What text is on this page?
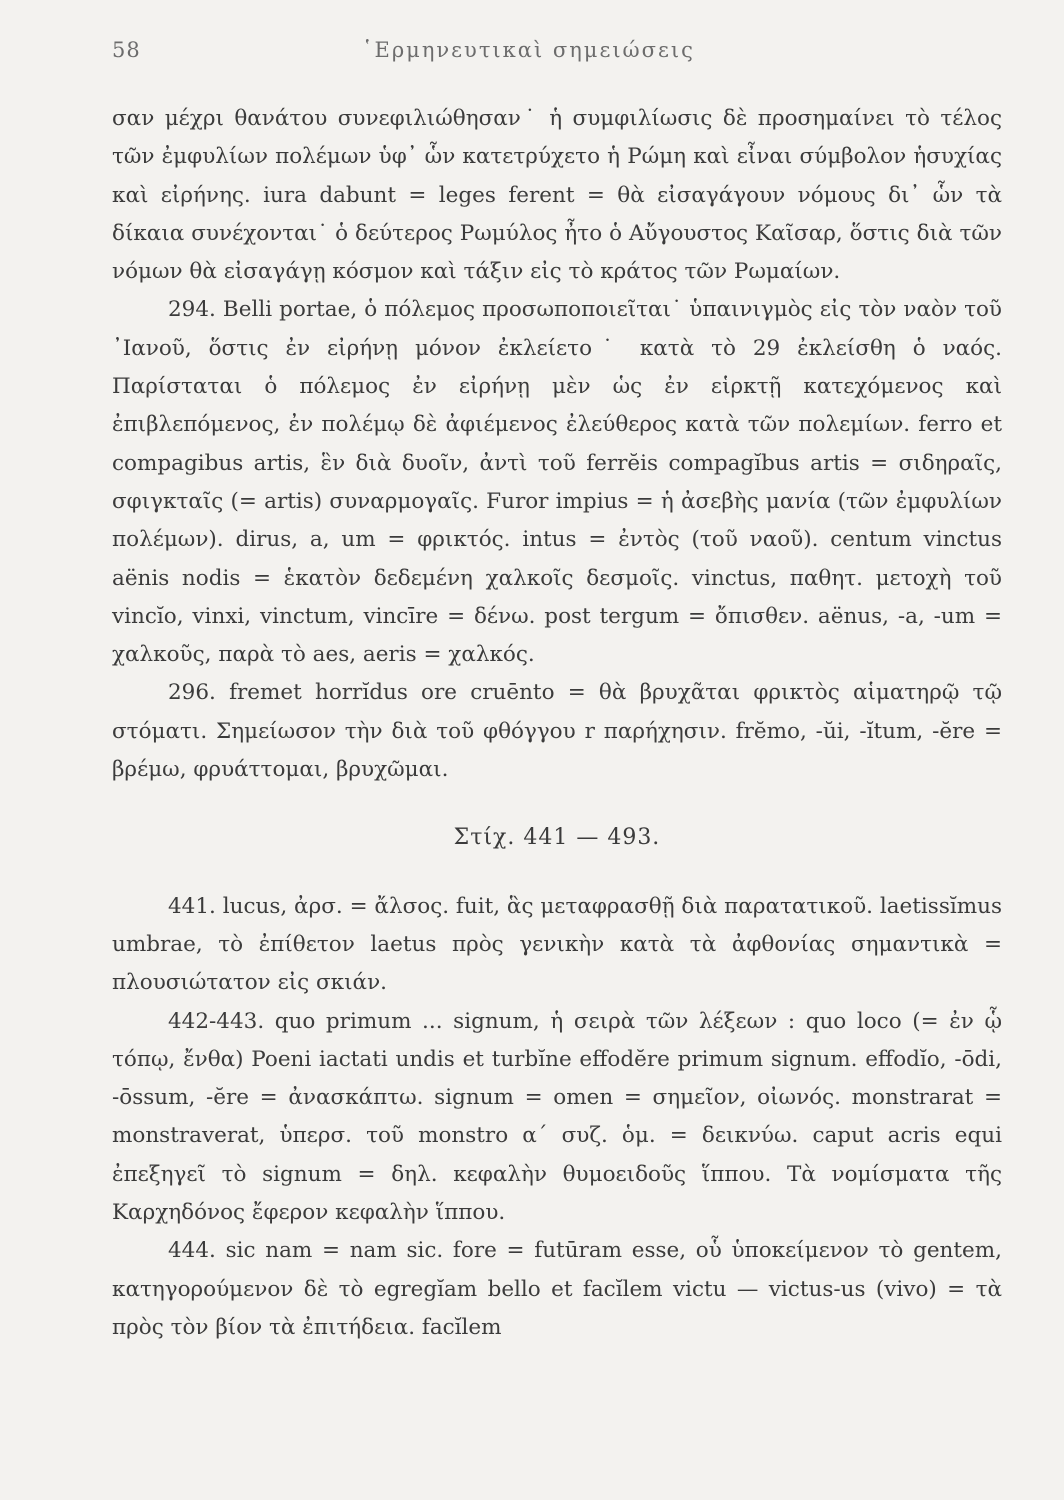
58	῾Ερμηνευτικαὶ σημειώσεις

σαν μέχρι θανάτου συνεφιλιώθησαν˙ ἡ συμφιλίωσις δὲ προσημαίνει τὸ τέλος τῶν ἐμφυλίων πολέμων ὑφ᾽ ὧν κατετρύχετο ἡ Ρώμη καὶ εἶναι σύμβολον ἡσυχίας καὶ εἰρήνης. iura dabunt = leges ferent = θὰ εἰσαγάγουν νόμους δι᾽ ὧν τὰ δίκαια συνέχονται˙ ὁ δεύτερος Ρωμύλος ἦτο ὁ Αὔγουστος Καῖσαρ, ὅστις διὰ τῶν νόμων θὰ εἰσαγάγῃ κόσμον καὶ τάξιν εἰς τὸ κράτος τῶν Ρωμαίων.

294. Belli portae, ὁ πόλεμος προσωποποιεῖται˙ ὑπαινιγμὸς εἰς τὸν ναὸν τοῦ ᾿Ιανοῦ, ὅστις ἐν εἰρήνῃ μόνον ἐκλείετο˙ κατὰ τὸ 29 ἐκλείσθη ὁ ναός. Παρίσταται ὁ πόλεμος ἐν εἰρήνῃ μὲν ὡς ἐν εἱρκτῇ κατεχόμενος καὶ ἐπιβλεπόμενος, ἐν πολέμῳ δὲ ἀφιέμενος ἐλεύθερος κατὰ τῶν πολεμίων. ferro et compagibus artis, ἓν διὰ δυοῖν, ἀντὶ τοῦ ferrĕis compagĭbus artis = σιδηραῖς, σφιγκταῖς (= artis) συναρμογαῖς. Furor impius = ἡ ἀσεβὴς μανία (τῶν ἐμφυλίων πολέμων). dirus, a, um = φρικτός. intus = ἐντὸς (τοῦ ναοῦ). centum vinctus aënis nodis = ἑκατὸν δεδεμένη χαλκοῖς δεσμοῖς. vinctus, παθητ. μετοχὴ τοῦ vincĭo, vinxi, vinctum, vincīre = δένω. post tergum = ὄπισθεν. aënus, -a, -um = χαλκοῦς, παρὰ τὸ aes, aeris = χαλκός.

296. fremet horrĭdus ore cruēnto = θὰ βρυχᾶται φρικτὸς αἱματηρῷ τῷ στόματι. Σημείωσον τὴν διὰ τοῦ φθόγγου r παρήχησιν. frĕmo, -ŭi, -ĭtum, -ĕre = βρέμω, φρυάττομαι, βρυχῶμαι.

Στίχ. 441 — 493.

441. lucus, ἀρσ. = ἄλσος. fuit, ἃς μεταφρασθῇ διὰ παρατατικοῦ. laetissĭmus umbrae, τὸ ἐπίθετον laetus πρὸς γενικὴν κατὰ τὰ ἀφθονίας σημαντικὰ = πλουσιώτατον εἰς σκιάν.

442-443. quo primum ... signum, ἡ σειρὰ τῶν λέξεων : quo loco (= ἐν ᾧ τόπῳ, ἔνθα) Poeni iactati undis et turbĭne effodĕre primum signum. effodĭo, -ōdi, -ōssum, -ĕre = ἀνασκάπτω. signum = omen = σημεῖον, οἰωνός. monstrarat = monstraverat, ὑπερσ. τοῦ monstro α΄ συζ. ὁμ. = δεικνύω. caput acris equi ἐπεξηγεῖ τὸ signum = δηλ. κεφαλὴν θυμοειδοῦς ἵππου. Τὰ νομίσματα τῆς Καρχηδόνος ἔφερον κεφαλὴν ἵππου.

444. sic nam = nam sic. fore = futūram esse, οὗ ὑποκείμενον τὸ gentem, κατηγορούμενον δὲ τὸ egregĭam bello et facĭlem victu — victus-us (vivo) = τὰ πρὸς τὸν βίον τὰ ἐπιτήδεια. facĭlem
